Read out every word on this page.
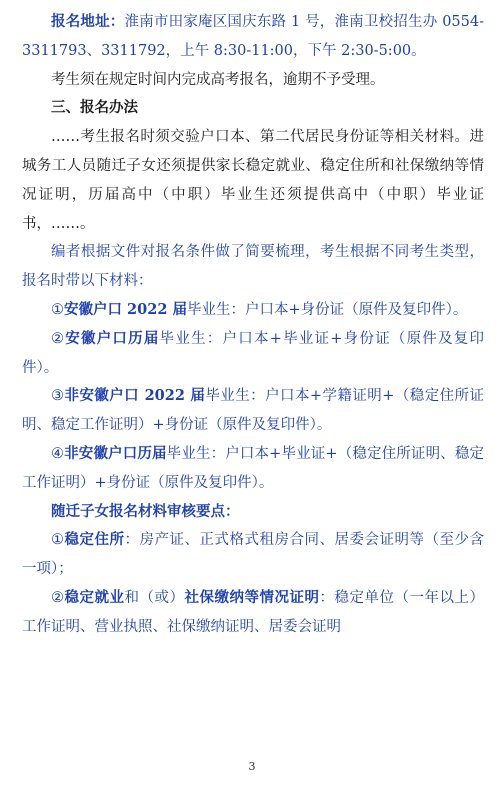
报名地址：淮南市田家庵区国庆东路 1 号，淮南卫校招生办 0554-3311793、3311792，上午 8:30-11:00，下午 2:30-5:00。

考生须在规定时间内完成高考报名，逾期不予受理。

三、报名办法

……考生报名时须交验户口本、第二代居民身份证等相关材料。进城务工人员随迁子女还须提供家长稳定就业、稳定住所和社保缴纳等情况证明，历届高中（中职）毕业生还须提供高中（中职）毕业证书，……。

编者根据文件对报名条件做了简要梳理，考生根据不同考生类型，报名时带以下材料：

①安徽户口 2022 届毕业生：户口本+身份证（原件及复印件）。

②安徽户口历届毕业生：户口本+毕业证+身份证（原件及复印件）。

③非安徽户口 2022 届毕业生：户口本+学籍证明+（稳定住所证明、稳定工作证明）+身份证（原件及复印件）。

④非安徽户口历届毕业生：户口本+毕业证+（稳定住所证明、稳定工作证明）+身份证（原件及复印件）。

随迁子女报名材料审核要点：

①稳定住所：房产证、正式格式租房合同、居委会证明等（至少含一项）；

②稳定就业和（或）社保缴纳等情况证明：稳定单位（一年以上）工作证明、营业执照、社保缴纳证明、居委会证明

3
